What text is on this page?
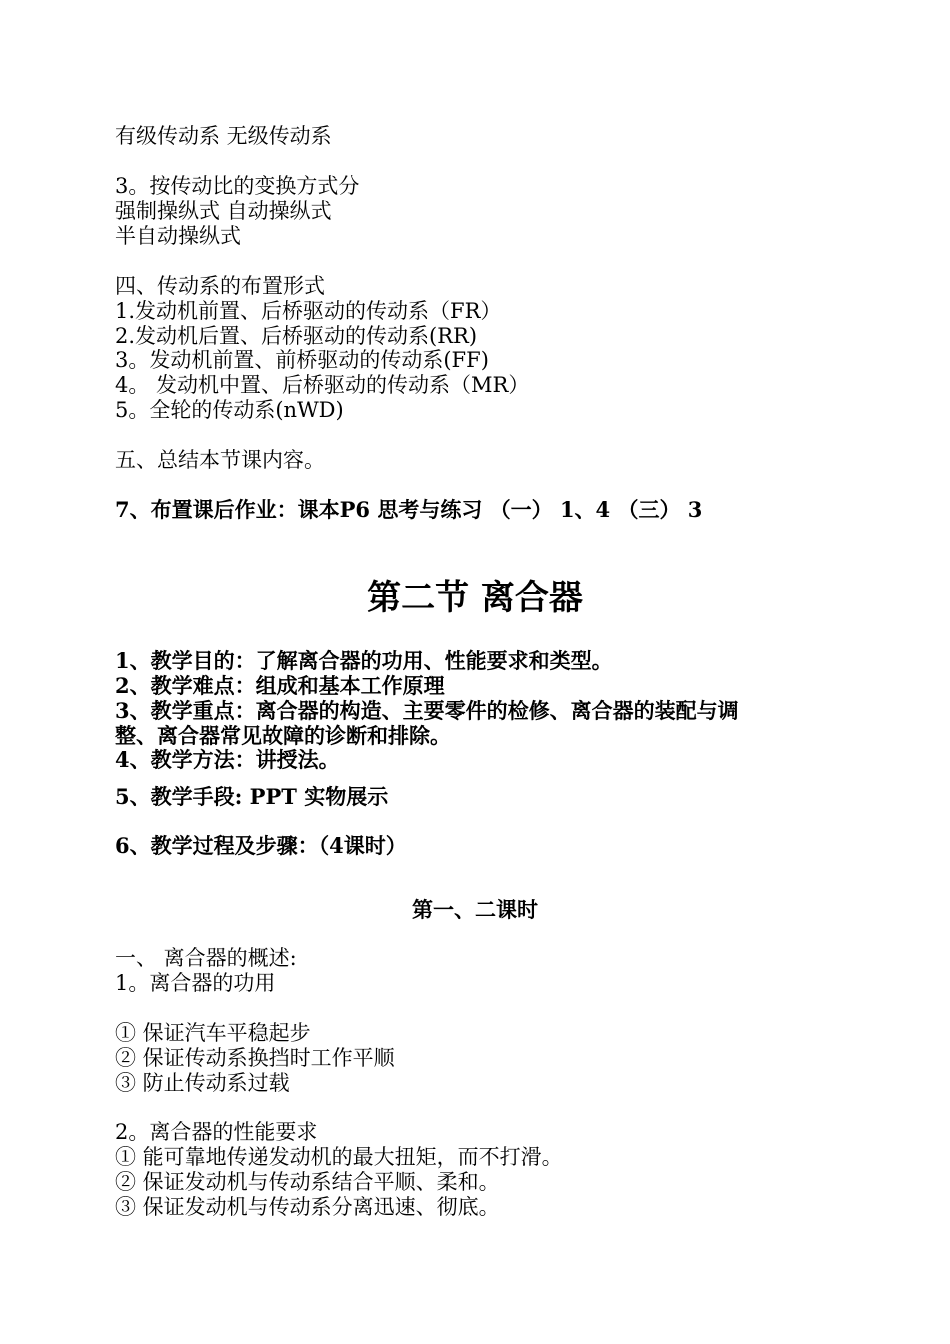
有级传动系 无级传动系

3。按传动比的变换方式分

强制操纵式 自动操纵式

半自动操纵式

四、传动系的布置形式

1.发动机前置、后桥驱动的传动系（FR）

2.发动机后置、后桥驱动的传动系(RR)

3。发动机前置、前桥驱动的传动系(FF)

4。 发动机中置、后桥驱动的传动系（MR）

5。全轮的传动系(nWD)

五、总结本节课内容。

7、布置课后作业：课本P6 思考与练习 （一） 1、4 （三） 3

第二节 离合器

1、教学目的：了解离合器的功用、性能要求和类型。

2、教学难点：组成和基本工作原理

3、教学重点：离合器的构造、主要零件的检修、离合器的装配与调

整、离合器常见故障的诊断和排除。

4、教学方法：讲授法。

5、教学手段: PPT 实物展示

6、教学过程及步骤：（4课时）

第一、二课时

一、 离合器的概述:

1。离合器的功用

① 保证汽车平稳起步

② 保证传动系换挡时工作平顺

③ 防止传动系过载

2。离合器的性能要求

① 能可靠地传递发动机的最大扭矩，而不打滑。

② 保证发动机与传动系结合平顺、柔和。

③ 保证发动机与传动系分离迅速、彻底。
